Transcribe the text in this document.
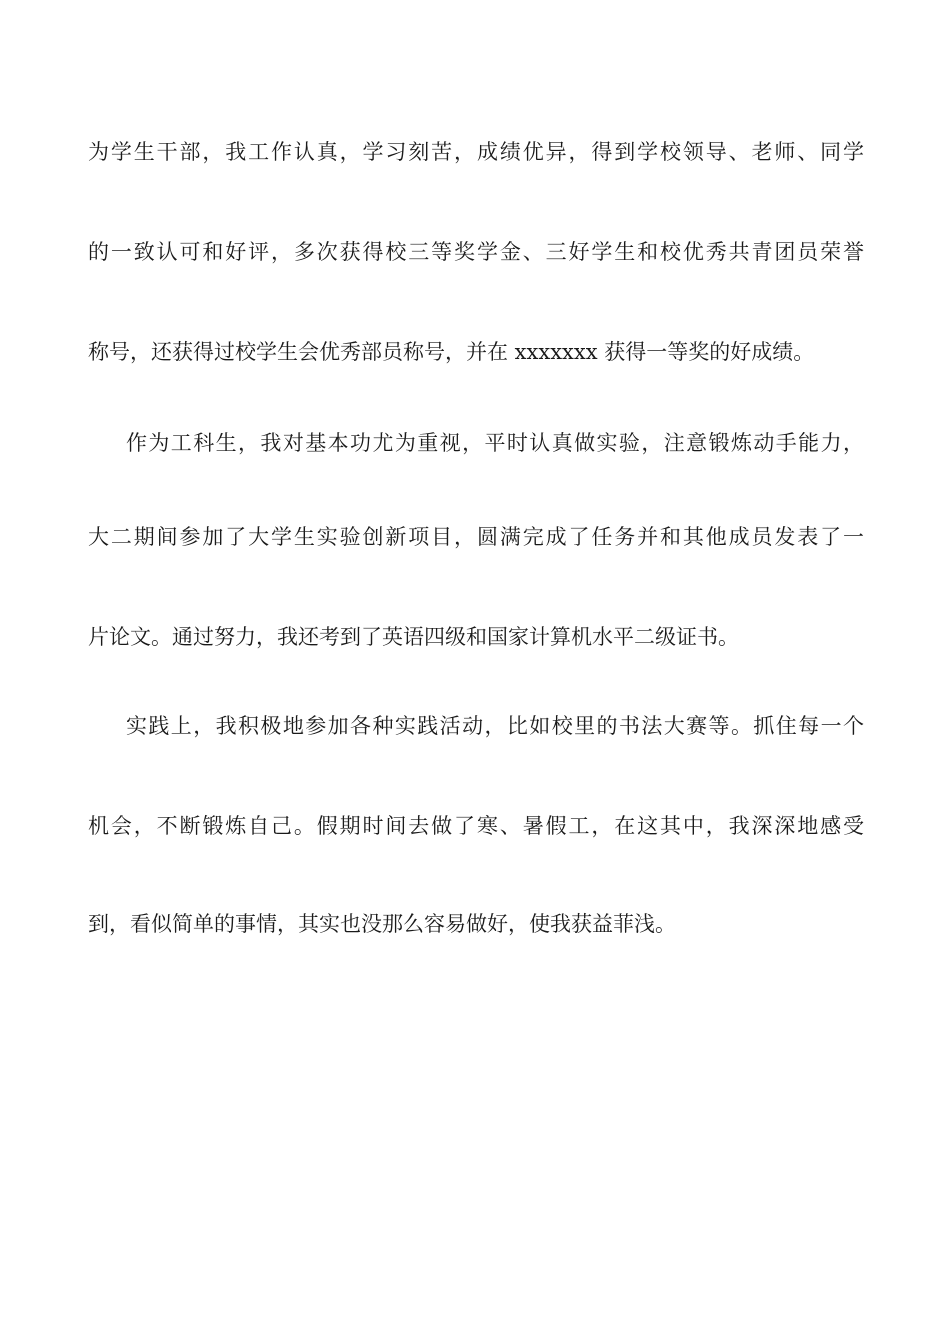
为学生干部，我工作认真，学习刻苦，成绩优异，得到学校领导、老师、同学
的一致认可和好评，多次获得校三等奖学金、三好学生和校优秀共青团员荣誉
称号，还获得过校学生会优秀部员称号，并在 xxxxxxx 获得一等奖的好成绩。
作为工科生，我对基本功尤为重视，平时认真做实验，注意锻炼动手能力，
大二期间参加了大学生实验创新项目，圆满完成了任务并和其他成员发表了一
片论文。通过努力，我还考到了英语四级和国家计算机水平二级证书。
实践上，我积极地参加各种实践活动，比如校里的书法大赛等。抓住每一个
机会，不断锻炼自己。假期时间去做了寒、暑假工，在这其中，我深深地感受
到，看似简单的事情，其实也没那么容易做好，使我获益菲浅。
